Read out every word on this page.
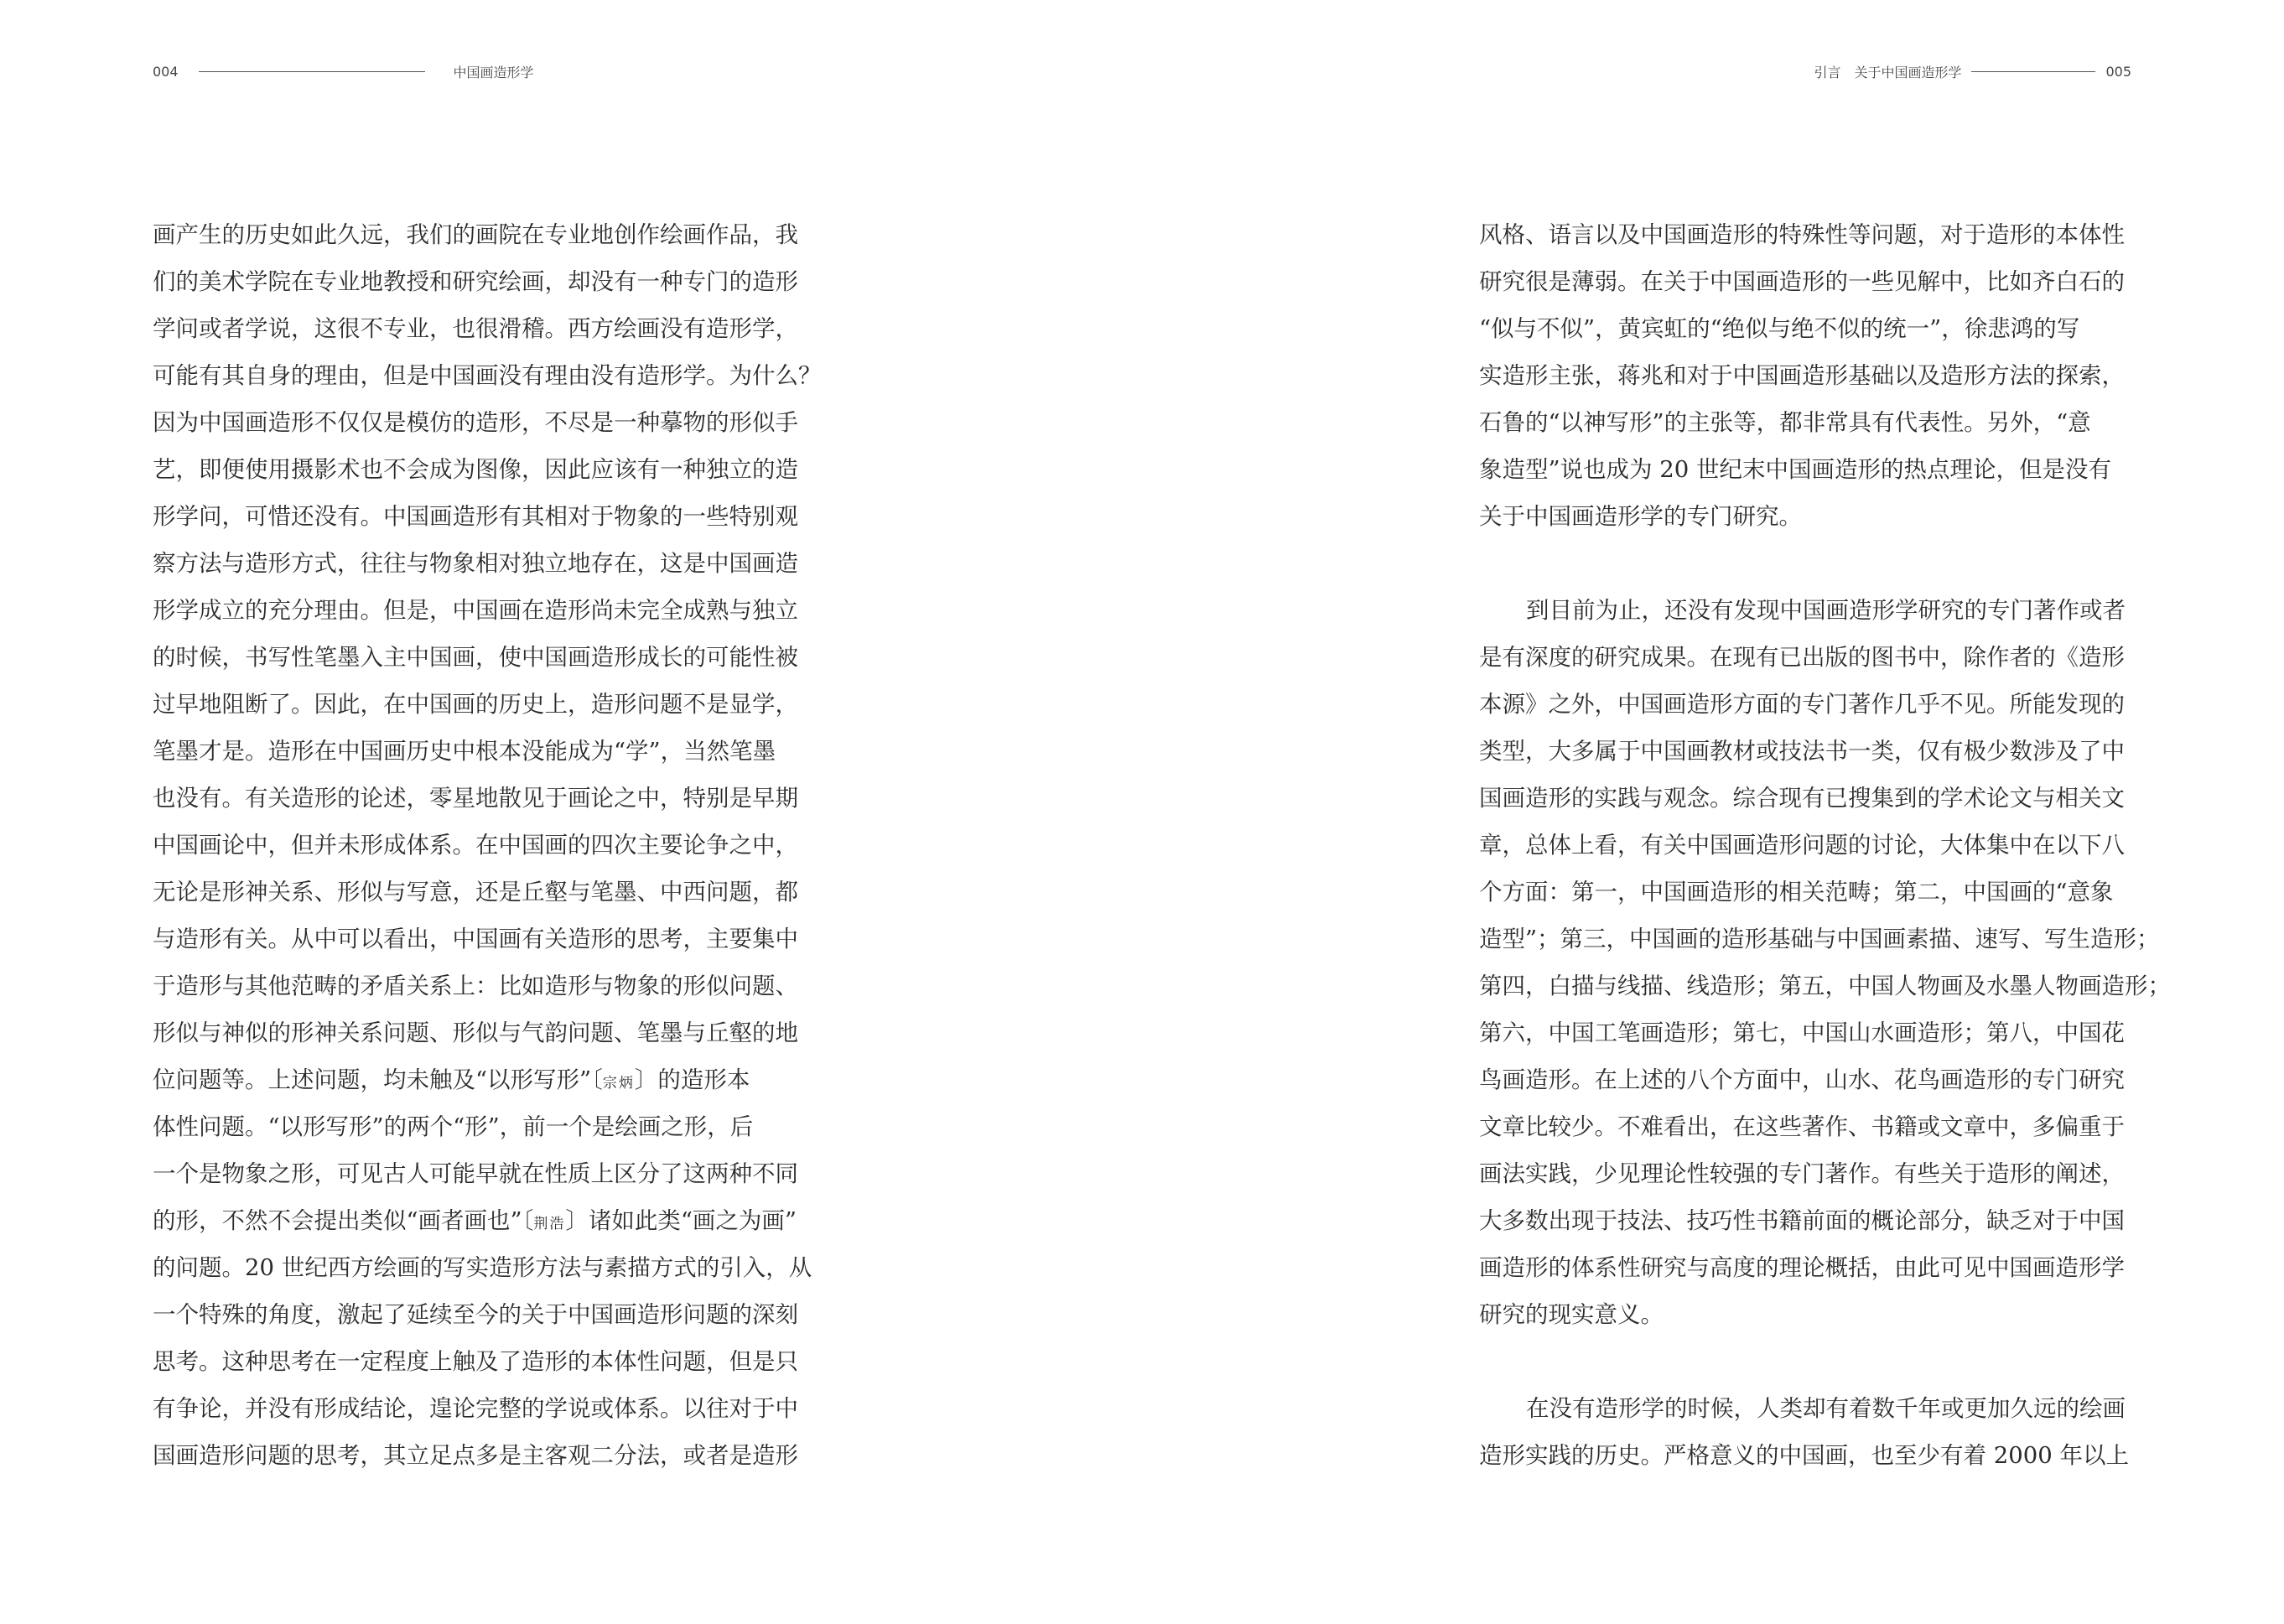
004	中国画造形学
画产生的历史如此久远，我们的画院在专业地创作绘画作品，我
们的美术学院在专业地教授和研究绘画，却没有一种专门的造形
学问或者学说，这很不专业，也很滑稽。西方绘画没有造形学，
可能有其自身的理由，但是中国画没有理由没有造形学。为什么？
因为中国画造形不仅仅是模仿的造形，不尽是一种摹物的形似手
艺，即便使用摄影术也不会成为图像，因此应该有一种独立的造
形学问，可惜还没有。中国画造形有其相对于物象的一些特别观
察方法与造形方式，往往与物象相对独立地存在，这是中国画造
形学成立的充分理由。但是，中国画在造形尚未完全成熟与独立
的时候，书写性笔墨入主中国画，使中国画造形成长的可能性被
过早地阻断了。因此，在中国画的历史上，造形问题不是显学，
笔墨才是。造形在中国画历史中根本没能成为“学”，当然笔墨
也没有。有关造形的论述，零星地散见于画论之中，特别是早期
中国画论中，但并未形成体系。在中国画的四次主要论争之中，
无论是形神关系、形似与写意，还是丘壑与笔墨、中西问题，都
与造形有关。从中可以看出，中国画有关造形的思考，主要集中
于造形与其他范畴的矛盾关系上：比如造形与物象的形似问题、
形似与神似的形神关系问题、形似与气韵问题、笔墨与丘壑的地
位问题等。上述问题，均未触及“以形写形”〔宗炳〕的造形本
体性问题。“以形写形”的两个“形”，前一个是绘画之形，后
一个是物象之形，可见古人可能早就在性质上区分了这两种不同
的形，不然不会提出类似“画者画也”〔荆浩〕诸如此类“画之为画”
的问题。20 世纪西方绘画的写实造形方法与素描方式的引入，从
一个特殊的角度，激起了延续至今的关于中国画造形问题的深刻
思考。这种思考在一定程度上触及了造形的本体性问题，但是只
有争论，并没有形成结论，遑论完整的学说或体系。以往对于中
国画造形问题的思考，其立足点多是主客观二分法，或者是造形
引言　关于中国画造形学	005
风格、语言以及中国画造形的特殊性等问题，对于造形的本体性
研究很是薄弱。在关于中国画造形的一些见解中，比如齐白石的
“似与不似”，黄宾虹的“绝似与绝不似的统一”，徐悲鸿的写
实造形主张，蒋兆和对于中国画造形基础以及造形方法的探索，
石鲁的“以神写形”的主张等，都非常具有代表性。另外，“意
象造型”说也成为 20 世纪末中国画造形的热点理论，但是没有
关于中国画造形学的专门研究。
到目前为止，还没有发现中国画造形学研究的专门著作或者
是有深度的研究成果。在现有已出版的图书中，除作者的《造形
本源》之外，中国画造形方面的专门著作几乎不见。所能发现的
类型，大多属于中国画教材或技法书一类，仅有极少数涉及了中
国画造形的实践与观念。综合现有已搜集到的学术论文与相关文
章，总体上看，有关中国画造形问题的讨论，大体集中在以下八
个方面：第一，中国画造形的相关范畴；第二，中国画的“意象
造型”；第三，中国画的造形基础与中国画素描、速写、写生造形；
第四，白描与线描、线造形；第五，中国人物画及水墨人物画造形；
第六，中国工笔画造形；第七，中国山水画造形；第八，中国花
鸟画造形。在上述的八个方面中，山水、花鸟画造形的专门研究
文章比较少。不难看出，在这些著作、书籍或文章中，多偏重于
画法实践，少见理论性较强的专门著作。有些关于造形的阐述，
大多数出现于技法、技巧性书籍前面的概论部分，缺乏对于中国
画造形的体系性研究与高度的理论概括，由此可见中国画造形学
研究的现实意义。
在没有造形学的时候，人类却有着数千年或更加久远的绘画
造形实践的历史。严格意义的中国画，也至少有着 2000 年以上
